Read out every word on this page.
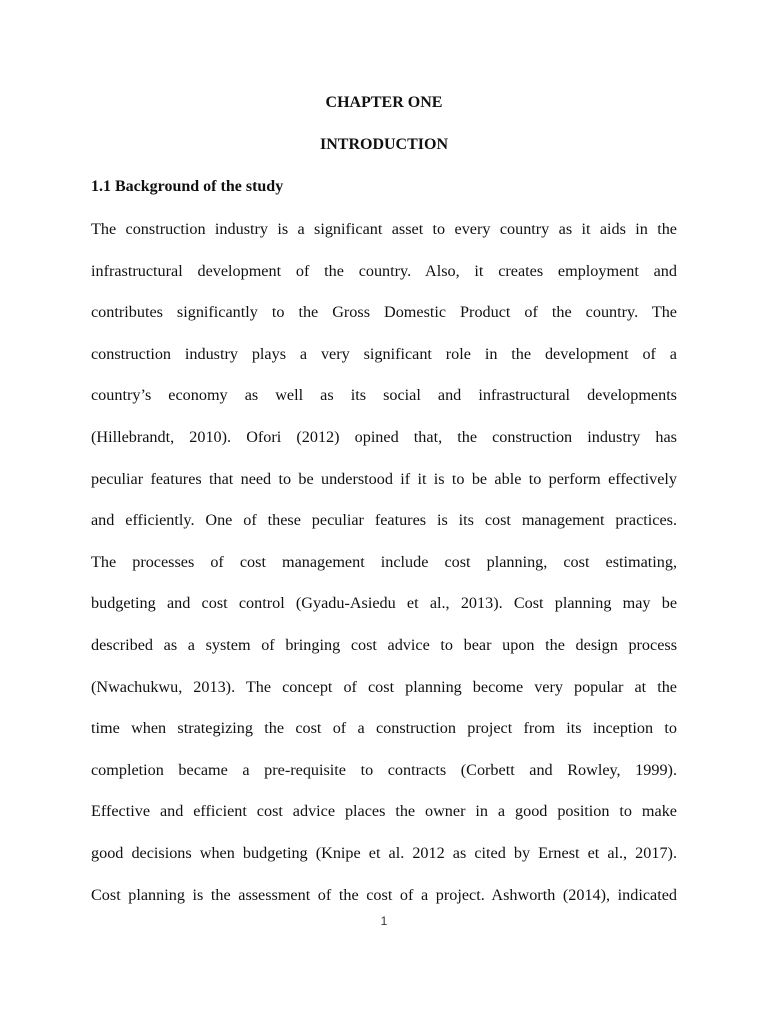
CHAPTER ONE
INTRODUCTION
1.1 Background of the study
The construction industry is a significant asset to every country as it aids in the
infrastructural development of the country. Also, it creates employment and
contributes significantly to the Gross Domestic Product of the country. The
construction industry plays a very significant role in the development of a
country’s economy as well as its social and infrastructural developments
(Hillebrandt, 2010). Ofori (2012) opined that, the construction industry has
peculiar features that need to be understood if it is to be able to perform effectively
and efficiently. One of these peculiar features is its cost management practices.
The processes of cost management include cost planning, cost estimating,
budgeting and cost control (Gyadu-Asiedu et al., 2013). Cost planning may be
described as a system of bringing cost advice to bear upon the design process
(Nwachukwu, 2013). The concept of cost planning become very popular at the
time when strategizing the cost of a construction project from its inception to
completion became a pre-requisite to contracts (Corbett and Rowley, 1999).
Effective and efficient cost advice places the owner in a good position to make
good decisions when budgeting (Knipe et al. 2012 as cited by Ernest et al., 2017).
Cost planning is the assessment of the cost of a project. Ashworth (2014), indicated
1
